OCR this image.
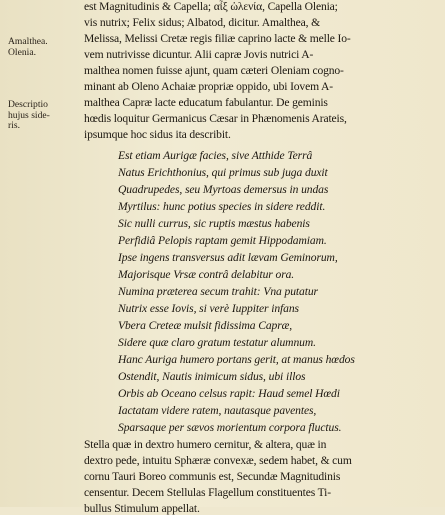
Amalthea.
Olenia.
Descriptio
hujus side-
ris.
est Magnitudinis & Capella; αἶξ ὠλενία, Capella Olenia;
vis nutrix; Felix sidus; Albatod, dicitur. Amalthea, &
Melissa, Melissi Cretæ regis filiæ caprino lacte & melle Io-
vem nutrivisse dicuntur. Alii capræ Jovis nutrici A-
malthea nomen fuisse ajunt, quam cæteri Oleniam cogno-
minant ab Oleno Achaiæ propriæ oppido, ubi Iovem A-
malthea Capræ lacte educatum fabulantur. De geminis
hœdis loquitur Germanicus Cæsar in Phænomenis Arateis,
ipsumque hoc sidus ita describit.
Est etiam Aurigæ facies, sive Atthide Terrâ
Natus Erichthonius, qui primus sub juga duxit
Quadrupedes, seu Myrtoas demersus in undas
Myrtilus: hunc potius species in sidere reddit.
Sic nulli currus, sic ruptis mæstus habenis
Perfidiâ Pelopis raptam gemit Hippodamiam.
Ipse ingens transversus adit lævam Geminorum,
Majorisque Vrsæ contrâ delabitur ora.
Numina præterea secum trahit: Vna putatur
Nutrix esse Iovis, si verè Iuppiter infans
Vbera Creteæ mulsit fidissima Capræ,
Sidere quæ claro gratum testatur alumnum.
Hanc Auriga humero portans gerit, at manus hœdos
Ostendit, Nautis inimicum sidus, ubi illos
Orbis ab Oceano celsus rapit: Haud semel Hœdi
Iactatam videre ratem, nautasque paventes,
Sparsaque per sævos morientum corpora fluctus.
Stella quæ in dextro humero cernitur, & altera, quæ in
dextro pede, intuitu Sphæræ convexæ, sedem habet, & cum
cornu Tauri Boreo communis est, Secundæ Magnitudinis
censentur. Decem Stellulas Flagellum constituentes Ti-
bullus Stimulum appellat.
